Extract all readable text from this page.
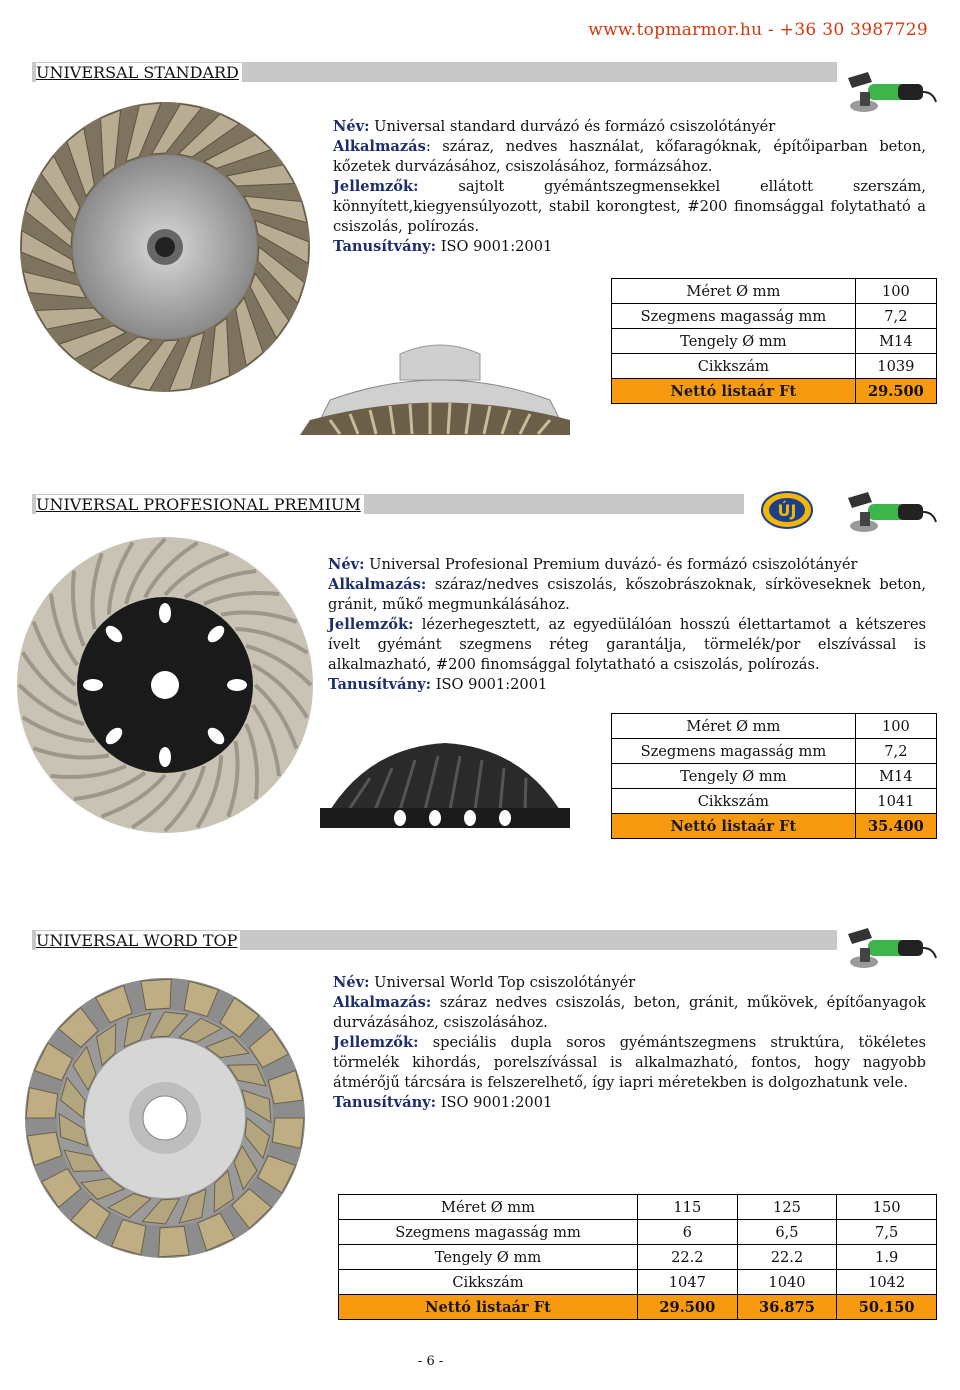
www.topmarmor.hu - +36 30 3987729
UNIVERSAL STANDARD

Név: Universal standard durvázó és formázó csiszolótányér

Alkalmazás: száraz, nedves használat, kőfaragóknak, építőiparban beton, kőzetek durvázásához, csiszolásához, formázsához.

Jellemzők: sajtolt gyémántszegmensekkel ellátott szerszám, könnyített,kiegyensúlyozott, stabil korongtest, #200 finomsággal folytatható a csiszolás, polírozás.

Tanusítvány: ISO 9001:2001

Méret Ø mm	100
Szegmens magasság mm	7,2
Tengely Ø mm	M14
Cikkszám	1039
Nettó listaár Ft	29.500
UNIVERSAL PROFESIONAL PREMIUM	ÚJ

Név: Universal Profesional Premium duvázó- és formázó csiszolótányér

Alkalmazás: száraz/nedves csiszolás, kőszobrászoknak, sírköveseknek beton, gránit, műkő megmunkálásához.

Jellemzők: lézerhegesztett, az egyedülálóan hosszú élettartamot a kétszeres ívelt gyémánt szegmens réteg garantálja, törmelék/por elszívással is alkalmazható, #200 finomsággal folytatható a csiszolás, polírozás.

Tanusítvány: ISO 9001:2001

Méret Ø mm	100
Szegmens magasság mm	7,2
Tengely Ø mm	M14
Cikkszám	1041
Nettó listaár Ft	35.400
UNIVERSAL WORD TOP

Név: Universal World Top csiszolótányér

Alkalmazás: száraz nedves csiszolás, beton, gránit, műkövek, építőanyagok durvázásához, csiszolásához.

Jellemzők: speciális dupla soros gyémántszegmens struktúra, tökéletes törmelék kihordás, porelszívással is alkalmazható, fontos, hogy nagyobb átmérőjű tárcsára is felszerelhető, így iapri méretekben is dolgozhatunk vele.

Tanusítvány: ISO 9001:2001

Méret Ø mm	115	125	150
Szegmens magasság mm	6	6,5	7,5
Tengely Ø mm	22.2	22.2	1.9
Cikkszám	1047	1040	1042
Nettó listaár Ft	29.500	36.875	50.150
- 6 -
